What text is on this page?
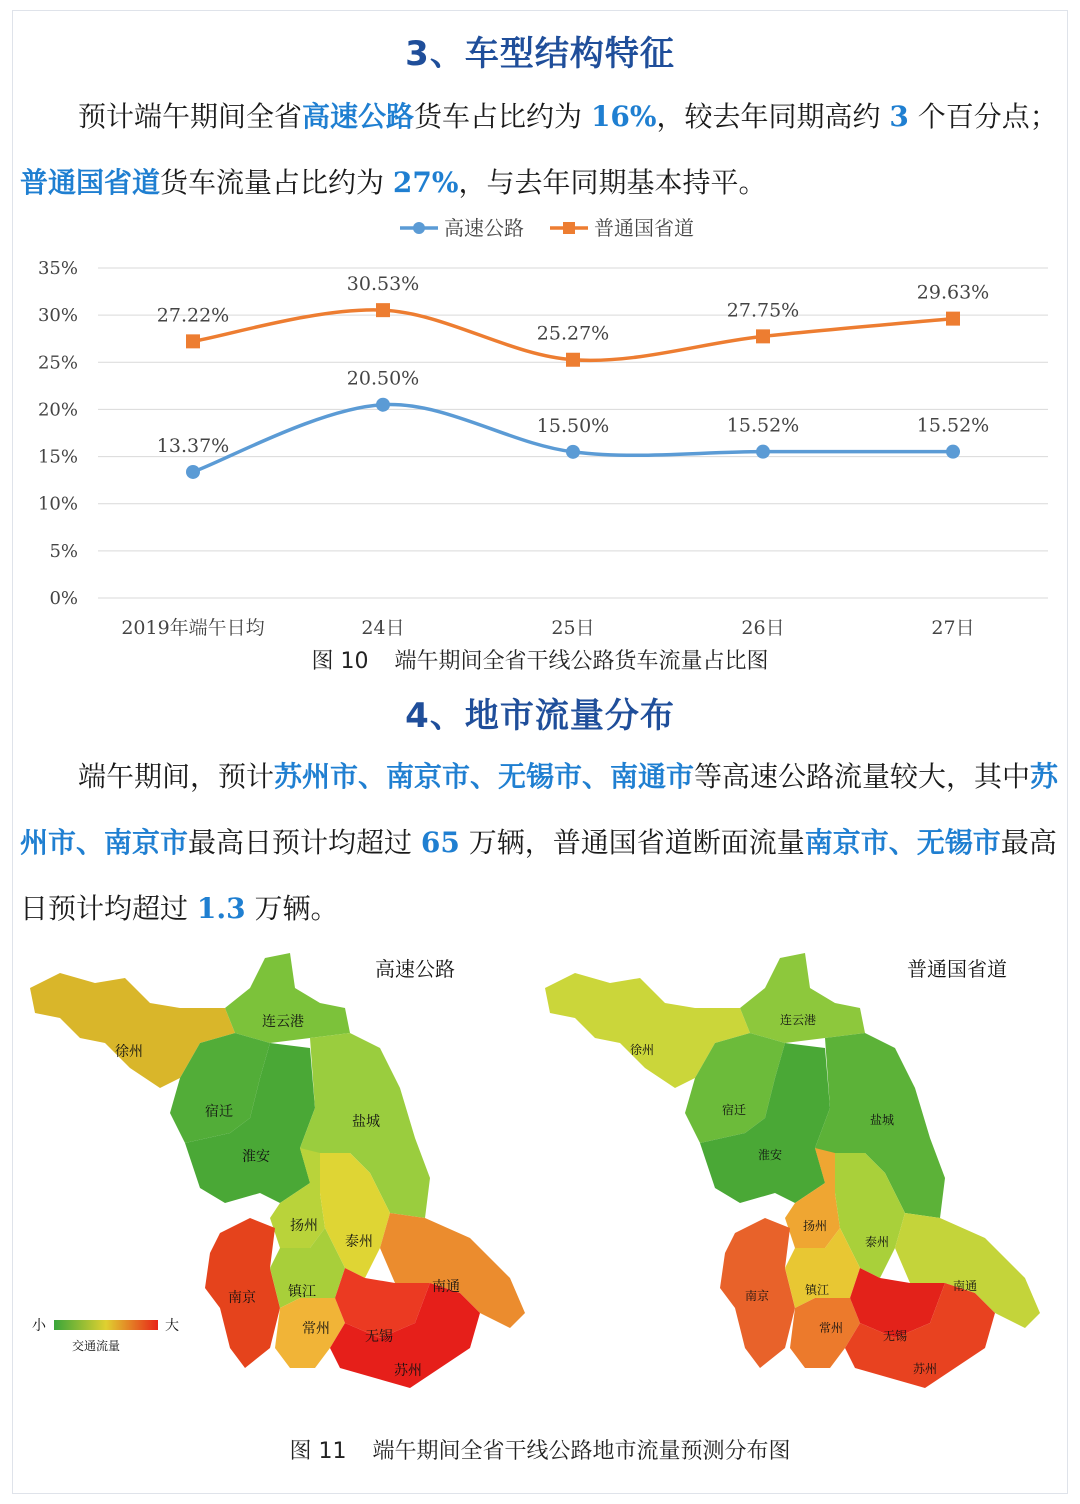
3、车型结构特征
预计端午期间全省高速公路货车占比约为 16%，较去年同期高约 3 个百分点；普通国省道货车流量占比约为 27%，与去年同期基本持平。
0%
5%
10%
15%
20%
25%
30%
35%
2019年端午日均	24日	25日	26日	27日
13.37%
20.50%
15.50%	15.52%	15.52%
27.22%
30.53%
25.27%
27.75%
29.63%
高速公路	普通国省道
图 10 端午期间全省干线公路货车流量占比图
4、地市流量分布
端午期间，预计苏州市、南京市、无锡市、南通市等高速公路流量较大，其中苏州市、南京市最高日预计均超过 65 万辆，普通国省道断面流量南京市、无锡市最高日预计均超过 1.3 万辆。
高速公路
徐州
连云港
宿迁
淮安
盐城
扬州
泰州
南京 镇江
常州	无锡
南通
苏州
小	大
交通流量
普通国省道
徐州
连云港
宿迁
淮安
盐城
扬州
泰州
南京	镇江
常州
无锡
南通
苏州
图 11 端午期间全省干线公路地市流量预测分布图
